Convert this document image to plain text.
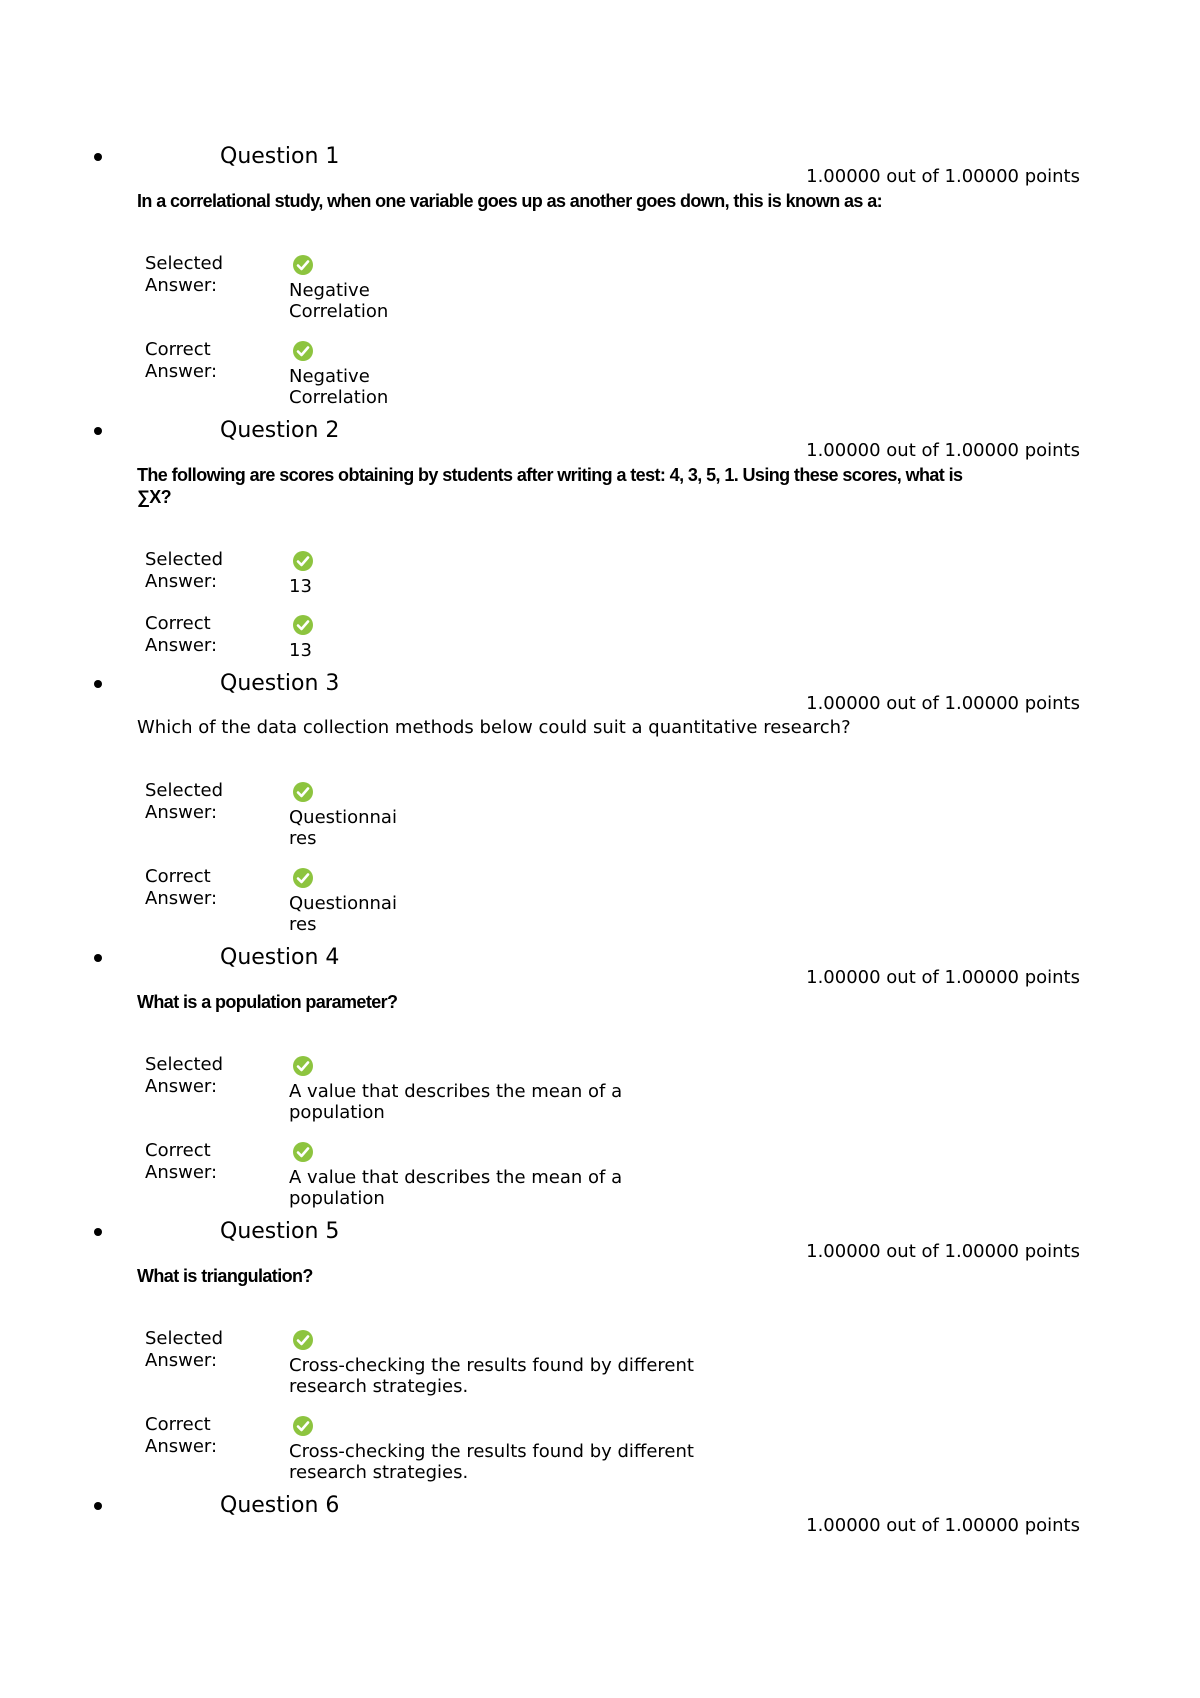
Question 1
1.00000 out of 1.00000 points
In a correlational study, when one variable goes up as another goes down, this is known as a:
Selected
Answer:	Negative Correlation
Correct
Answer:	Negative Correlation
Question 2
1.00000 out of 1.00000 points
The following are scores obtaining by students after writing a test: 4, 3, 5, 1. Using these scores, what is ∑X?
Selected
Answer:	13
Correct
Answer:	13
Question 3
1.00000 out of 1.00000 points
Which of the data collection methods below could suit a quantitative research?
Selected
Answer:	Questionnaires
Correct
Answer:	Questionnaires
Question 4
1.00000 out of 1.00000 points
What is a population parameter?
Selected
Answer:	A value that describes the mean of a population
Correct
Answer:	A value that describes the mean of a population
Question 5
1.00000 out of 1.00000 points
What is triangulation?
Selected
Answer:	Cross-checking the results found by different research strategies.
Correct
Answer:	Cross-checking the results found by different research strategies.
Question 6
1.00000 out of 1.00000 points
